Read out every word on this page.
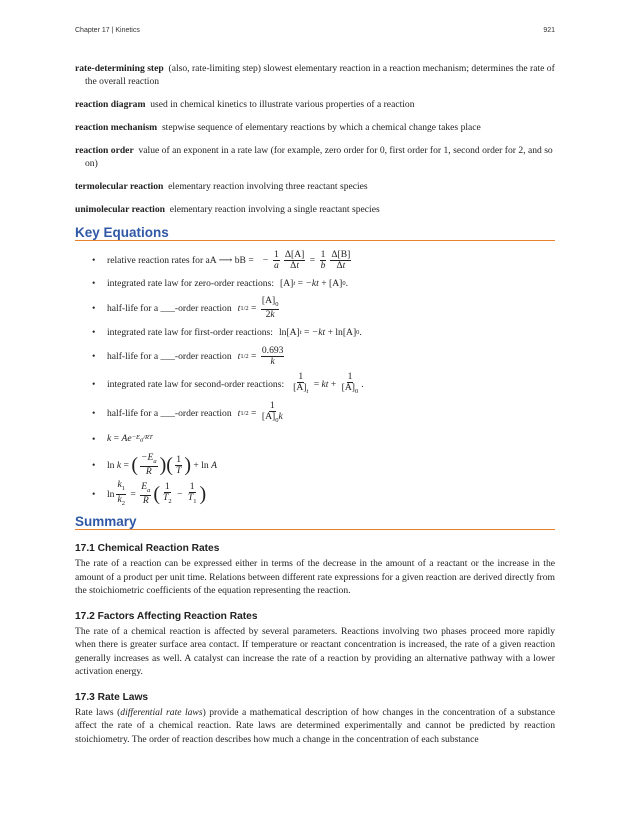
Chapter 17 | Kinetics	921

rate-determining step (also, rate-limiting step) slowest elementary reaction in a reaction mechanism; determines the rate of the overall reaction

reaction diagram used in chemical kinetics to illustrate various properties of a reaction

reaction mechanism stepwise sequence of elementary reactions by which a chemical change takes place

reaction order value of an exponent in a rate law (for example, zero order for 0, first order for 1, second order for 2, and so on)

termolecular reaction elementary reaction involving three reactant species

unimolecular reaction elementary reaction involving a single reactant species

Key Equations
• relative reaction rates for aA ⟶ bB = − $\frac{1}{a} \frac{\Delta[A]}{\Delta t}$
=
$\frac{1}{b} \frac{\Delta[B]}{\Delta t}$
• integrated rate law for zero-order reactions: [A] t
= −kt + [A] 0 .
• half-life for a ___-order reaction t 1/2
=
$\frac{[A]_0}{2k}$
• integrated rate law for first-order reactions: ln[A] t
= −kt + ln[A] 0 .
• half-life for a ___-order reaction t 1/2
=
$\frac{0.693}{k}$
• integrated rate law for second-order reactions: $\frac{1}{[A]_t}$
= kt +
$\frac{1}{[A]_0}$ .
• half-life for a ___-order reaction t 1/2
=
$\frac{1}{[A]_0k}$
• $k = Ae -E_a/RT$
• ln k =
( $\frac{-E_a}{R}$ ) ( $\frac{1}{T}$ )
+ ln A
• $\ln \frac{k_1}{k_2}$
=
$\frac{E_a}{R}$ ( $\frac{1}{T_2}$
−
$\frac{1}{T_1}$ )
Summary
17.1 Chemical Reaction Rates

The rate of a reaction can be expressed either in terms of the decrease in the amount of a reactant or the increase in the amount of a product per unit time. Relations between different rate expressions for a given reaction are derived directly from the stoichiometric coefficients of the equation representing the reaction.

17.2 Factors Affecting Reaction Rates

The rate of a chemical reaction is affected by several parameters. Reactions involving two phases proceed more rapidly when there is greater surface area contact. If temperature or reactant concentration is increased, the rate of a given reaction generally increases as well. A catalyst can increase the rate of a reaction by providing an alternative pathway with a lower activation energy.

17.3 Rate Laws

Rate laws (differential rate laws) provide a mathematical description of how changes in the concentration of a substance affect the rate of a chemical reaction. Rate laws are determined experimentally and cannot be predicted by reaction stoichiometry. The order of reaction describes how much a change in the concentration of each substance
